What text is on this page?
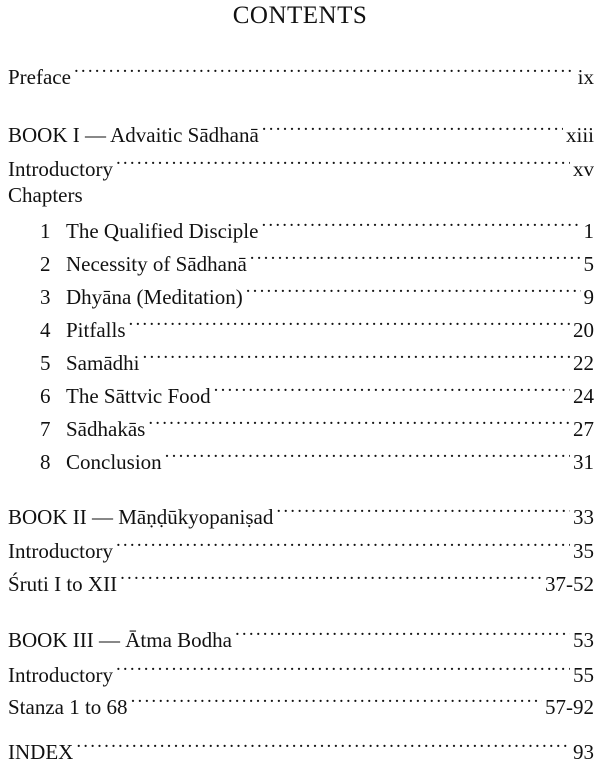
CONTENTS
Preface .....	ix
BOOK I — Advaitic Sādhanā .....	xiii
Introductory .....	xv
Chapters
1 The Qualified Disciple .....	1
2 Necessity of Sādhanā .....	5
3 Dhyāna (Meditation) .....	9
4 Pitfalls .....	20
5 Samādhi .....	22
6 The Sāttvic Food .....	24
7 Sādhakās .....	27
8 Conclusion .....	31
BOOK II — Māṇḍūkyopaniṣad .....	33
Introductory .....	35
Śruti I to XII .....	37-52
BOOK III — Ātma Bodha .....	53
Introductory .....	55
Stanza 1 to 68 .....	57-92
INDEX .....	93
